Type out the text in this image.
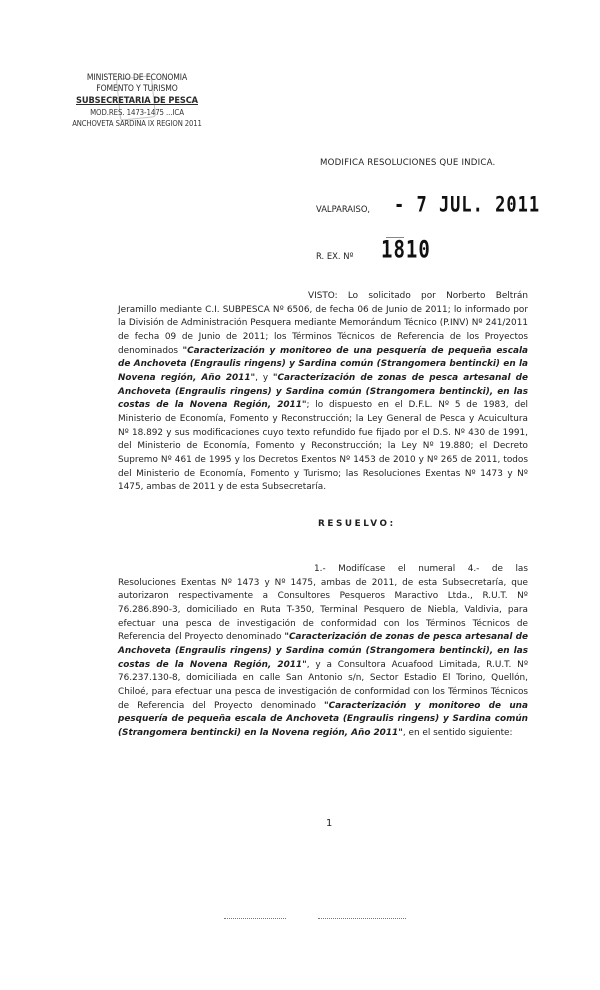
MINISTERIO DE ECONOMIA
FOMENTO Y TURISMO
SUBSECRETARIA DE PESCA
MOD.RES. 1473-1475 ...ICA
ANCHOVETA SARDINA IX REGION 2011
MODIFICA RESOLUCIONES QUE INDICA.
VALPARAISO, - 7 JUL. 2011
R. EX. Nº 1810
VISTO: Lo solicitado por Norberto Beltrán Jeramillo mediante C.I. SUBPESCA Nº 6506, de fecha 06 de Junio de 2011; lo informado por la División de Administración Pesquera mediante Memorándum Técnico (P.INV) Nº 241/2011 de fecha 09 de Junio de 2011; los Términos Técnicos de Referencia de los Proyectos denominados "Caracterización y monitoreo de una pesquería de pequeña escala de Anchoveta (Engraulis ringens) y Sardina común (Strangomera bentincki) en la Novena región, Año 2011", y "Caracterización de zonas de pesca artesanal de Anchoveta (Engraulis ringens) y Sardina común (Strangomera bentincki), en las costas de la Novena Región, 2011"; lo dispuesto en el D.F.L. Nº 5 de 1983, del Ministerio de Economía, Fomento y Reconstrucción; la Ley General de Pesca y Acuicultura Nº 18.892 y sus modificaciones cuyo texto refundido fue fijado por el D.S. Nº 430 de 1991, del Ministerio de Economía, Fomento y Reconstrucción; la Ley Nº 19.880; el Decreto Supremo Nº 461 de 1995 y los Decretos Exentos Nº 1453 de 2010 y Nº 265 de 2011, todos del Ministerio de Economía, Fomento y Turismo; las Resoluciones Exentas Nº 1473 y Nº 1475, ambas de 2011 y de esta Subsecretaría.
RESUELVO:
1.- Modifícase el numeral 4.- de las Resoluciones Exentas Nº 1473 y Nº 1475, ambas de 2011, de esta Subsecretaría, que autorizaron respectivamente a Consultores Pesqueros Maractivo Ltda., R.U.T. Nº 76.286.890-3, domiciliado en Ruta T-350, Terminal Pesquero de Niebla, Valdivia, para efectuar una pesca de investigación de conformidad con los Términos Técnicos de Referencia del Proyecto denominado "Caracterización de zonas de pesca artesanal de Anchoveta (Engraulis ringens) y Sardina común (Strangomera bentincki), en las costas de la Novena Región, 2011", y a Consultora Acuafood Limitada, R.U.T. Nº 76.237.130-8, domiciliada en calle San Antonio s/n, Sector Estadio El Torino, Quellón, Chiloé, para efectuar una pesca de investigación de conformidad con los Términos Técnicos de Referencia del Proyecto denominado "Caracterización y monitoreo de una pesquería de pequeña escala de Anchoveta (Engraulis ringens) y Sardina común (Strangomera bentincki) en la Novena región, Año 2011", en el sentido siguiente:
1
